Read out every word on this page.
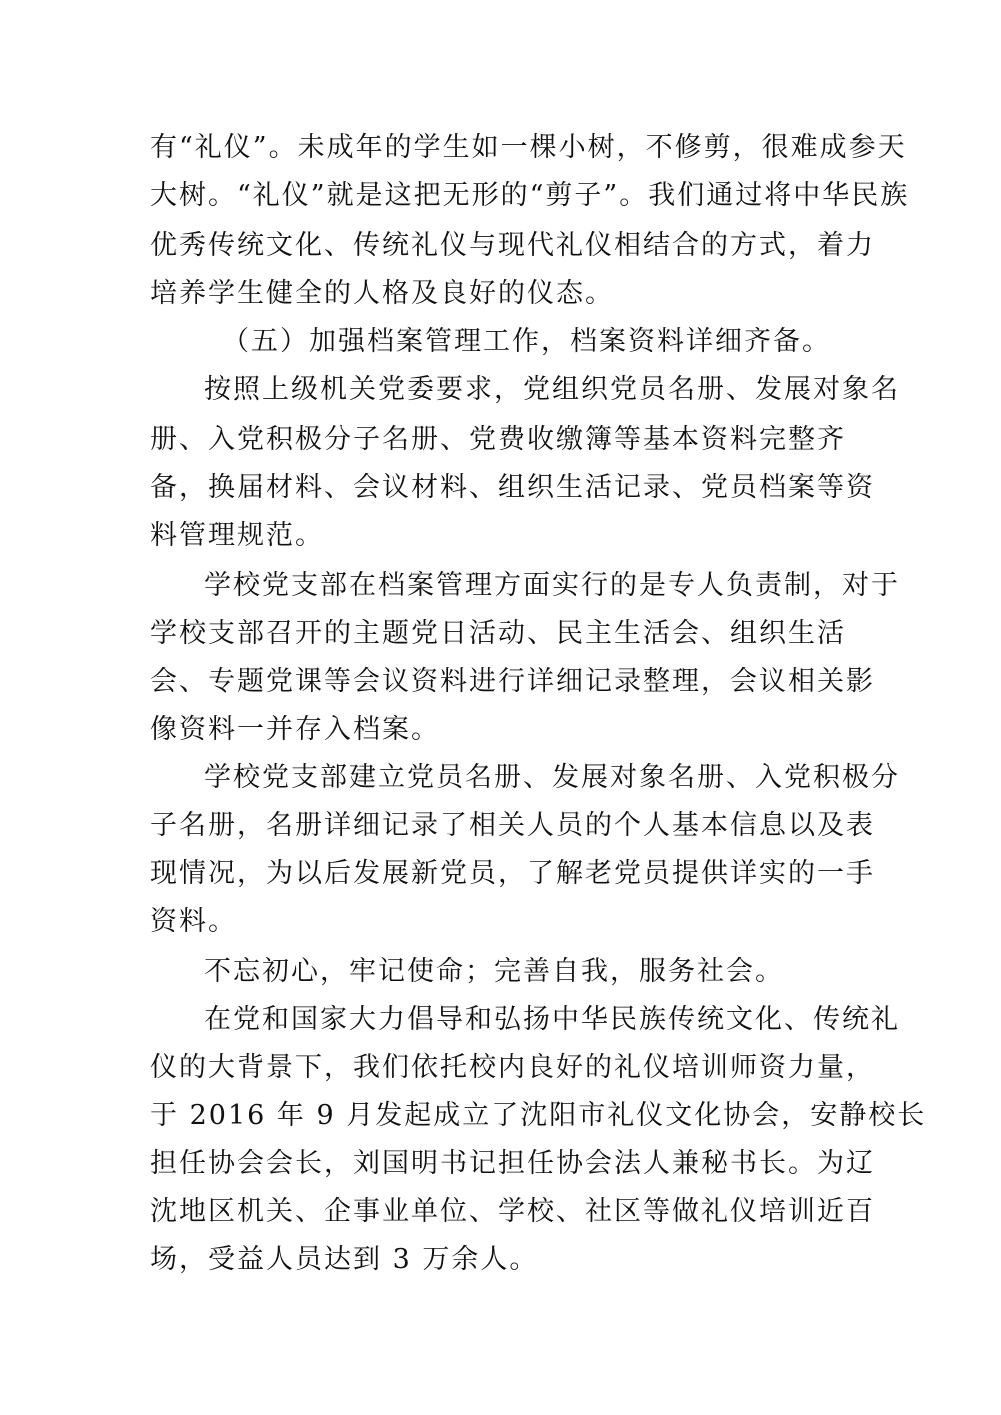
有“礼仪”。未成年的学生如一棵小树，不修剪，很难成参天
大树。“礼仪”就是这把无形的“剪子”。我们通过将中华民族
优秀传统文化、传统礼仪与现代礼仪相结合的方式，着力
培养学生健全的人格及良好的仪态。
（五）加强档案管理工作，档案资料详细齐备。
按照上级机关党委要求，党组织党员名册、发展对象名
册、入党积极分子名册、党费收缴簿等基本资料完整齐
备，换届材料、会议材料、组织生活记录、党员档案等资
料管理规范。
学校党支部在档案管理方面实行的是专人负责制，对于
学校支部召开的主题党日活动、民主生活会、组织生活
会、专题党课等会议资料进行详细记录整理，会议相关影
像资料一并存入档案。
学校党支部建立党员名册、发展对象名册、入党积极分
子名册，名册详细记录了相关人员的个人基本信息以及表
现情况，为以后发展新党员，了解老党员提供详实的一手
资料。
不忘初心，牢记使命；完善自我，服务社会。
在党和国家大力倡导和弘扬中华民族传统文化、传统礼
仪的大背景下，我们依托校内良好的礼仪培训师资力量，
于 2016 年 9 月发起成立了沈阳市礼仪文化协会，安静校长
担任协会会长，刘国明书记担任协会法人兼秘书长。为辽
沈地区机关、企事业单位、学校、社区等做礼仪培训近百
场，受益人员达到 3 万余人。
